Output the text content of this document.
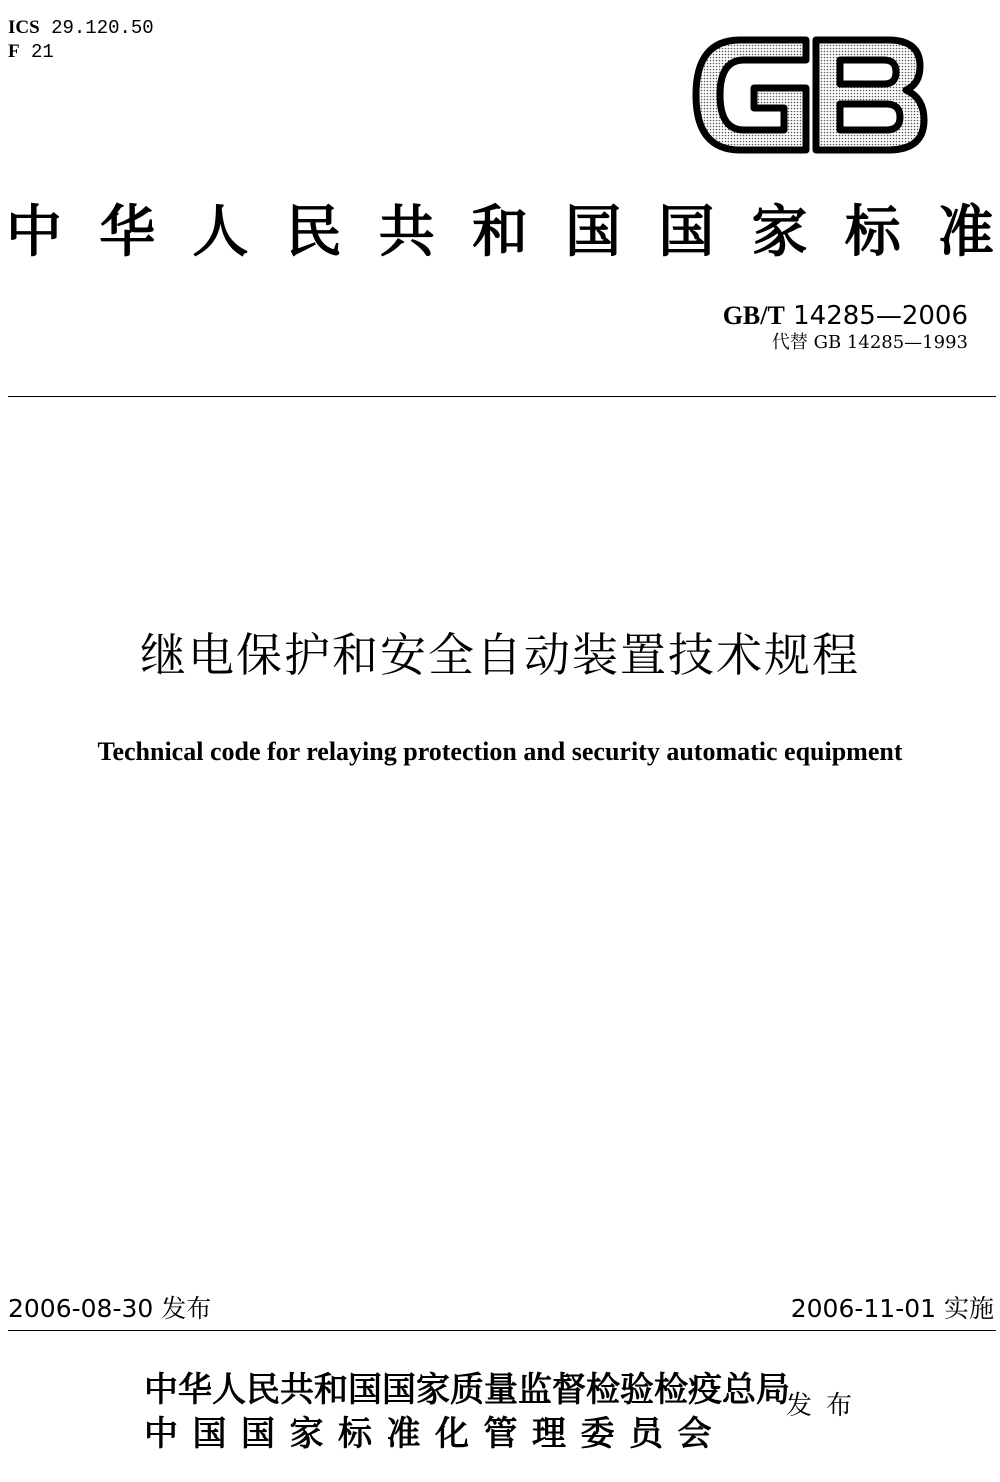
ICS 29.120.50
F 21
GB
中 华 人 民 共 和 国 国 家 标 准
GB/T 14285—2006
代替 GB 14285—1993
继电保护和安全自动装置技术规程
Technical code for relaying protection and security automatic equipment
2006-08-30 发布	2006-11-01 实施
中华人民共和国国家质量监督检验检疫总局
中国国家标准化管理委员会
发布
